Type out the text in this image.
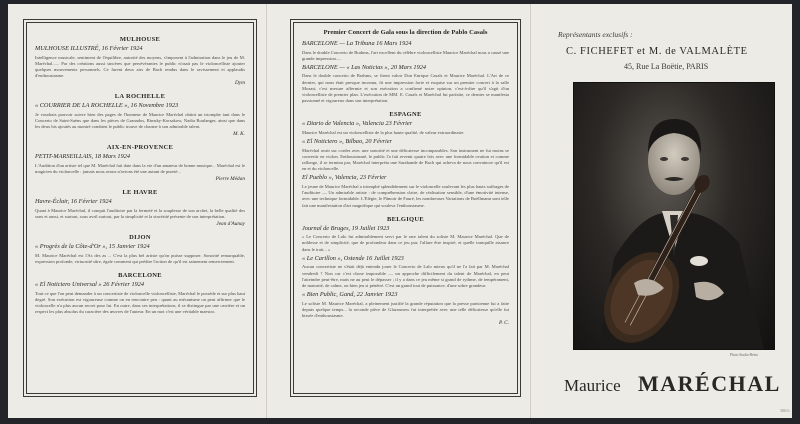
MULHOUSE
MULHOUSE ILLUSTRÉ, 16 Février 1924
Intelligence musicale, sentiment de l'équilibre, autorité des moyens, s'imposent à l'admiration dans le jeu de M. Maréchal...... Par des créations aussi sincères que persévérantes le public n'osait pas le violoncelliste ajouter quelques mouvements personnels. Ce furent deux airs de Bach rendus dans le ravissement et applaudis d'enthousiasme.
Dym
LA ROCHELLE
« COURRIER DE LA ROCHELLE », 16 Novembre 1923
Je voudrais pouvoir suivre bien des pages de l'honneur de Maurice Maréchal obtint un triomphe tant dans le Concerto de Saint-Saëns que dans les pièces de Granados, Rimsky-Korsakow, Nadia Boulanger, ainsi que dans les deux bis ajoutés au montré combien le public trouve de charme à son admirable talent.
M. K.
AIX-EN-PROVENCE
PETIT-MARSEILLAIS, 18 Mars 1924
L'Audition d'un artiste tel que M. Maréchal fait date dans la vie d'un amateur de bonne musique... Maréchal est le magicien du violoncelle : jamais nous avons n'avions été une autant de pureté...
Pierre Médan
LE HAVRE
Havre-Éclair, 16 Février 1924
Quant à Maurice Maréchal, il conquit l'auditoire par la fermeté et la souplesse de son archet, la belle qualité des sons et aussi, et surtout, sous avril surtout, par la simplicité et la sincérité présente de son interprétation.
Jean d'Aunay
DIJON
« Progrès de la Côte-d'Or », 15 Janvier 1924
M. Maurice Maréchal est l'As des as ... C'est la plus bel artiste qu'on puisse supposer. Sonorité remarquable, expression profonde, virtuosité sûre, égale comment qui prédire l'action de qu'il est sainement remerciement.
BARCELONE
« El Noticiero Universal » 26 Février 1924
Tout ce que l'on peut demander à un concertiste de violoncelle violoncelliste, Maréchal le possède et sur plus haut degré. Son exécution est vigoureuse comme on en rencontre peu : quant au mécanisme on peut affirmer que le violoncelle n'a plus aucun secret pour lui. En outre, dans ses interprétations, il se distingue par une carrière et un respect les plus absolus du caractère des œuvres de l'auteur. En un mot c'est une véritable maestro.
Premier Concert de Gala sous la direction de Pablo Casals
BARCELONE — La Tribuna 16 Mars 1924
Dans le double Concerto de Brahms, l'art excellent du célèbre violoncelliste Maurice Maréchal nous a causé une grande impression.....
BARCELONE — « Las Noticias », 20 Mars 1924
Dans le double concerto de Brahms, se firent valoir Don Enrique Casals et Maurice Maréchal. L'Art de ce dernier, qui nous était presque inconnu, fit une impression forte et exquise sur un premier concert à la salle Mozart, c'est mesure affermie et son exécution a confirmé notre opinion, c'est-à-dire qu'il s'agit d'un violoncelliste de premier plan. L'exécution de MM. E. Casals et Maréchal fut parfaite, ce dernier se manifesta passionné et vigoureux dans son interprétation.
ESPAGNE
« Diario de Valencia », Valencia 23 Février
Maurice Maréchal est un violoncelliste de la plus haute qualité, de valeur extraordinaire.
« El Noticiero », Bilbao, 20 Février
Maréchal avait sur cordes avec une sonorité et une délicatesse incomparables. Son instrument ne fut moins se convertir en violon. Enthousiasmé, le public l'a fait revenir quatre fois avec une formidable ovation et comme rallonge, il se termina par, Maréchal interpréta une Sarabande de Bach qui acheva de nous convaincre qu'il est en et du violoncelle.
El Pueblo », Valencia, 23 Février
Le jeune de Maurice Maréchal a triomphé splendidement sur le violoncelle soulevant les plus hauts suffrages de l'auditoire — Un admirable artiste : de compréhension claire, de réalisation sensible, d'une émotivité intense, avec une technique formidable. L'Elégie, le Pâmoir de Fauré, les nombreuses Variations de Boëllmann sont telle fait une manifestation d'art magnifique qui souleva l'enthousiasme.
BELGIQUE
Journal de Bruges, 19 Juillet 1923
« Le Concerto de Lalo fut admirablement servi par le rare talent du soliste M. Maurice Maréchal. Que de noblesse et de simplicité, que de profondeur dans ce jeu pur, l'allure être inspiré, et quelle tranquille aisance dans le trait... »
« Le Carillon », Ostende 16 Juillet 1923
Aucun concertiste ne s'était déjà entendu jouer le Concerto de Lalo mieux qu'il ne l'a fait par M. Maréchal vendredi ? Non car c'est chose impossible — un approche difficilement du talent de Maréchal, en peut l'atteindre peut-être, mais ne au peut le dépasser ; il y a dans ce jeu même si grand de rythme, de tempérament, de maturité, de calme, ou bien jeu si pénétré. C'est un grand tout de puissance, d'une sobre grandeur.
« Bien Public, Gand, 22 Janvier 1923
Le soliste M. Maurice Maréchal, a pleinement justifié la grande réputation que la presse parisienne lui a faite depuis quelque temps... la seconde pièce de Glazounow fut interprétée avec une telle délicatesse qu'elle fut bissée d'enthousiasme.
P. C.
Représentants exclusifs :
C. FICHEFET et M. de VALMALÈTE
45, Rue La Boëtie, PARIS
Photo Studio-Rémi
Maurice MARÉCHAL
38611
